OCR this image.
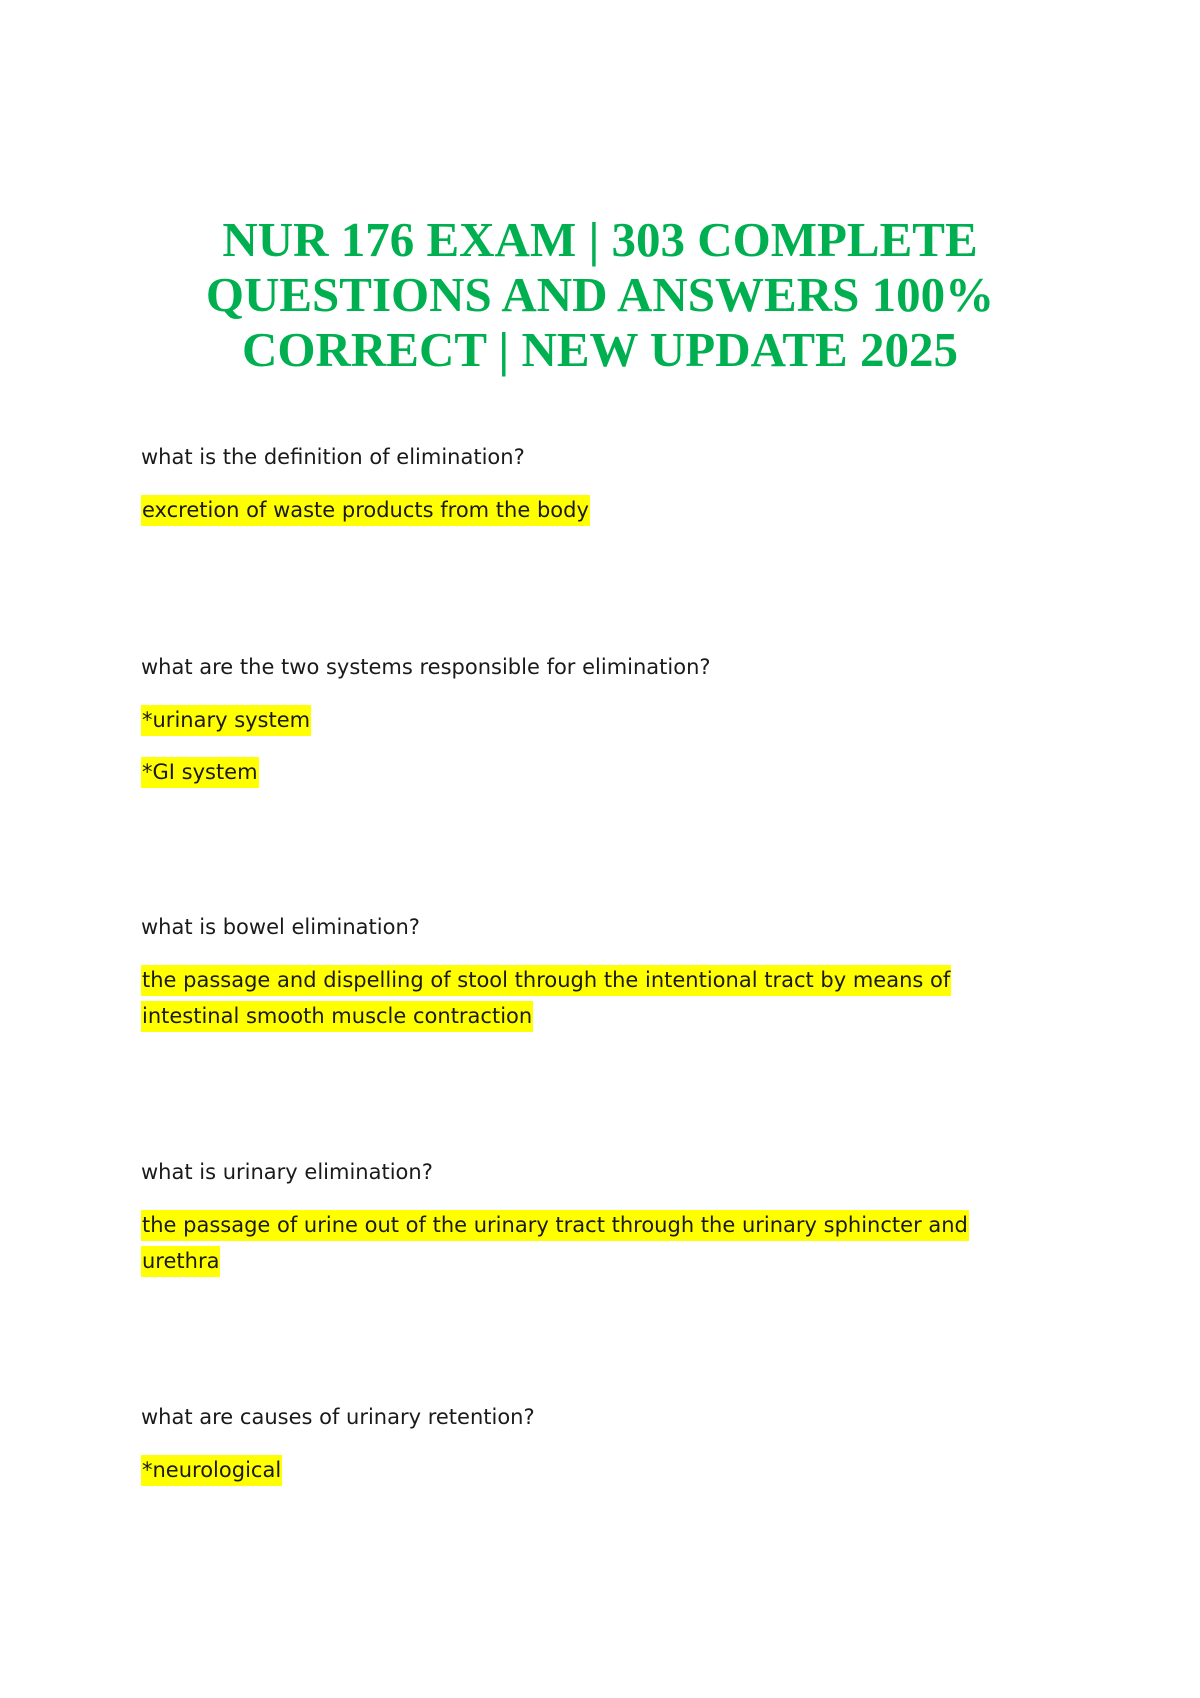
NUR 176 EXAM | 303 COMPLETE QUESTIONS AND ANSWERS 100% CORRECT | NEW UPDATE 2025

what is the definition of elimination?

excretion of waste products from the body

what are the two systems responsible for elimination?

*urinary system

*GI system

what is bowel elimination?

the passage and dispelling of stool through the intentional tract by means of intestinal smooth muscle contraction

what is urinary elimination?

the passage of urine out of the urinary tract through the urinary sphincter and urethra

what are causes of urinary retention?

*neurological
